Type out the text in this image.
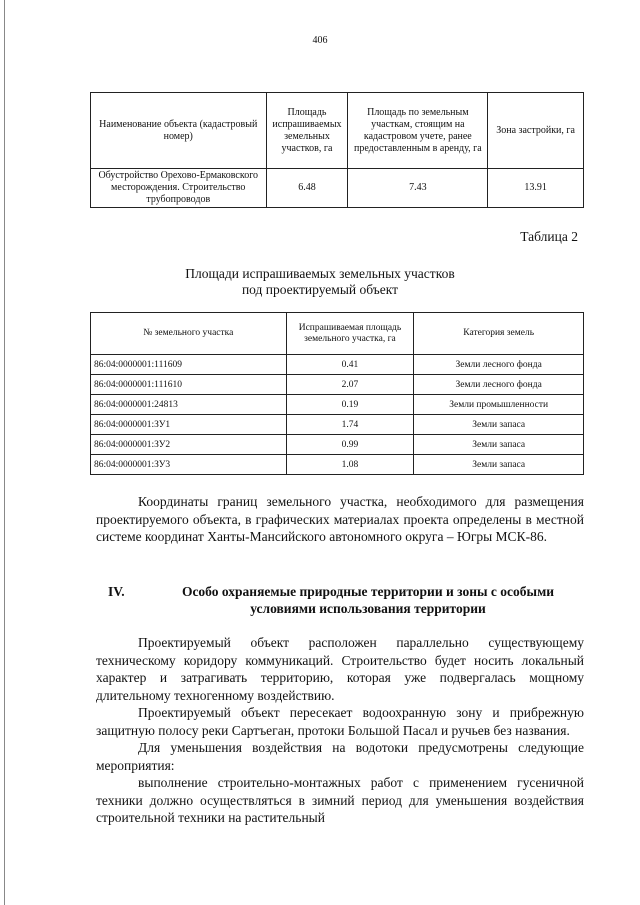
406
Наименование объекта (кадастровый номер)	Площадь испрашиваемых земельных участков, га	Площадь по земельным участкам, стоящим на кадастровом учете, ранее предоставленным в аренду, га	Зона застройки, га
Обустройство Орехово-Ермаковского месторождения. Строительство трубопроводов	6.48	7.43	13.91
Таблица 2
Площади испрашиваемых земельных участков
под проектируемый объект
№ земельного участка	Испрашиваемая площадь земельного участка, га	Категория земель
86:04:0000001:111609	0.41	Земли лесного фонда
86:04:0000001:111610	2.07	Земли лесного фонда
86:04:0000001:24813	0.19	Земли промышленности
86:04:0000001:ЗУ1	1.74	Земли запаса
86:04:0000001:ЗУ2	0.99	Земли запаса
86:04:0000001:ЗУ3	1.08	Земли запаса

Координаты границ земельного участка, необходимого для размещения проектируемого объекта, в графических материалах проекта определены в местной системе координат Ханты-Мансийского автономного округа – Югры МСК-86.

IV.	Особо охраняемые природные территории и зоны с особыми условиями использования территории

Проектируемый объект расположен параллельно существующему техническому коридору коммуникаций. Строительство будет носить локальный характер и затрагивать территорию, которая уже подвергалась мощному длительному техногенному воздействию.

Проектируемый объект пересекает водоохранную зону и прибрежную защитную полосу реки Сартъеган, протоки Большой Пасал и ручьев без названия.

Для уменьшения воздействия на водотоки предусмотрены следующие мероприятия:

выполнение строительно-монтажных работ с применением гусеничной техники должно осуществляться в зимний период для уменьшения воздействия строительной техники на растительный
